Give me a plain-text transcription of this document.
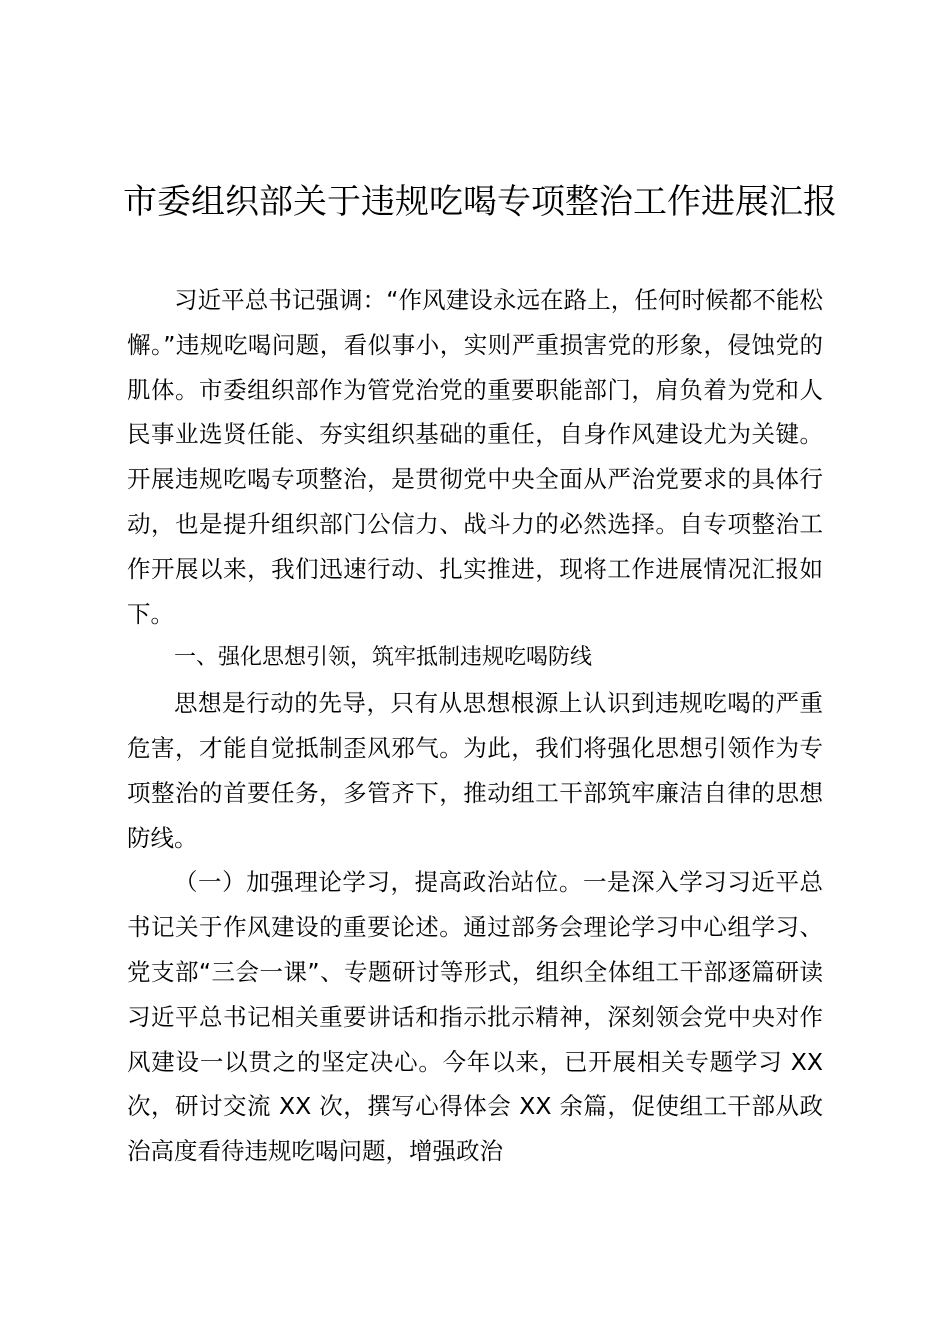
市委组织部关于违规吃喝专项整治工作进展汇报

习近平总书记强调：“作风建设永远在路上，任何时候都不能松懈。”违规吃喝问题，看似事小，实则严重损害党的形象，侵蚀党的肌体。市委组织部作为管党治党的重要职能部门，肩负着为党和人民事业选贤任能、夯实组织基础的重任，自身作风建设尤为关键。开展违规吃喝专项整治，是贯彻党中央全面从严治党要求的具体行动，也是提升组织部门公信力、战斗力的必然选择。自专项整治工作开展以来，我们迅速行动、扎实推进，现将工作进展情况汇报如下。

一、强化思想引领，筑牢抵制违规吃喝防线

思想是行动的先导，只有从思想根源上认识到违规吃喝的严重危害，才能自觉抵制歪风邪气。为此，我们将强化思想引领作为专项整治的首要任务，多管齐下，推动组工干部筑牢廉洁自律的思想防线。

（一）加强理论学习，提高政治站位。一是深入学习习近平总书记关于作风建设的重要论述。通过部务会理论学习中心组学习、党支部“三会一课”、专题研讨等形式，组织全体组工干部逐篇研读习近平总书记相关重要讲话和指示批示精神，深刻领会党中央对作风建设一以贯之的坚定决心。今年以来，已开展相关专题学习 XX 次，研讨交流 XX 次，撰写心得体会 XX 余篇，促使组工干部从政治高度看待违规吃喝问题，增强政治
